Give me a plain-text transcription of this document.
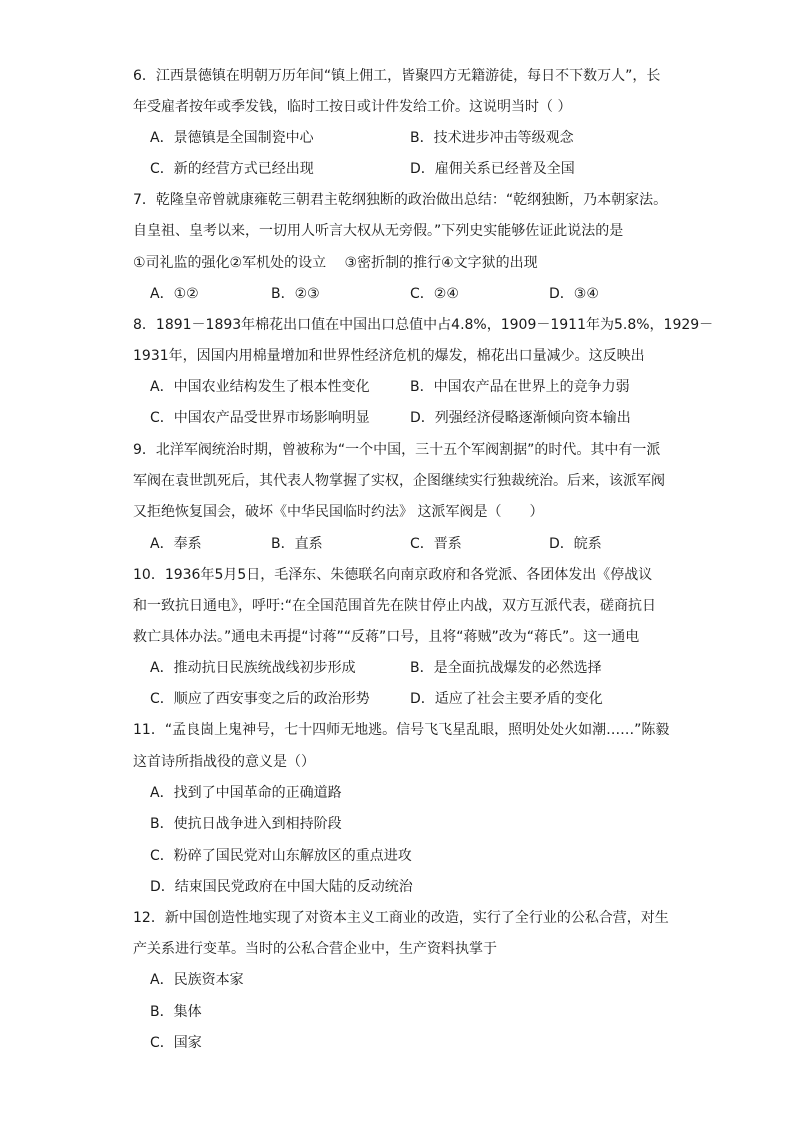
6．江西景德镇在明朝万历年间“镇上佣工，皆聚四方无籍游徒，每日不下数万人”，长
年受雇者按年或季发钱，临时工按日或计件发给工价。这说明当时（ ）
A．景德镇是全国制瓷中心	B．技术进步冲击等级观念
C．新的经营方式已经出现	D．雇佣关系已经普及全国
7．乾隆皇帝曾就康雍乾三朝君主乾纲独断的政治做出总结：“乾纲独断，乃本朝家法。
自皇祖、皇考以来，一切用人听言大权从无旁假。”下列史实能够佐证此说法的是
①司礼监的强化②军机处的设立　 ③密折制的推行④文字狱的出现
A．①②	B．②③	C．②④	D．③④
8．1891－1893年棉花出口值在中国出口总值中占4.8%，1909－1911年为5.8%，1929－
1931年，因国内用棉量增加和世界性经济危机的爆发，棉花出口量减少。这反映出
A．中国农业结构发生了根本性变化	B．中国农产品在世界上的竞争力弱
C．中国农产品受世界市场影响明显	D．列强经济侵略逐渐倾向资本输出
9．北洋军阀统治时期，曾被称为“一个中国，三十五个军阀割据”的时代。其中有一派
军阀在袁世凯死后，其代表人物掌握了实权，企图继续实行独裁统治。后来，该派军阀
又拒绝恢复国会，破坏《中华民国临时约法》 这派军阀是（　　）
A．奉系	B．直系	C．晋系	D．皖系
10．1936年5月5日，毛泽东、朱德联名向南京政府和各党派、各团体发出《停战议
和一致抗日通电》，呼吁:“在全国范围首先在陕甘停止内战，双方互派代表，磋商抗日
救亡具体办法。”通电未再提“讨蒋”“反蒋”口号，且将“蒋贼”改为“蒋氏”。这一通电
A．推动抗日民族统战线初步形成	B．是全面抗战爆发的必然选择
C．顺应了西安事变之后的政治形势	D．适应了社会主要矛盾的变化
11．“孟良崮上鬼神号，七十四师无地逃。信号飞飞星乱眼，照明处处火如潮……”陈毅
这首诗所指战役的意义是（）
A．找到了中国革命的正确道路
B．使抗日战争进入到相持阶段
C．粉碎了国民党对山东解放区的重点进攻
D．结束国民党政府在中国大陆的反动统治
12．新中国创造性地实现了对资本主义工商业的改造，实行了全行业的公私合营，对生
产关系进行变革。当时的公私合营企业中，生产资料执掌于
A．民族资本家
B．集体
C．国家
